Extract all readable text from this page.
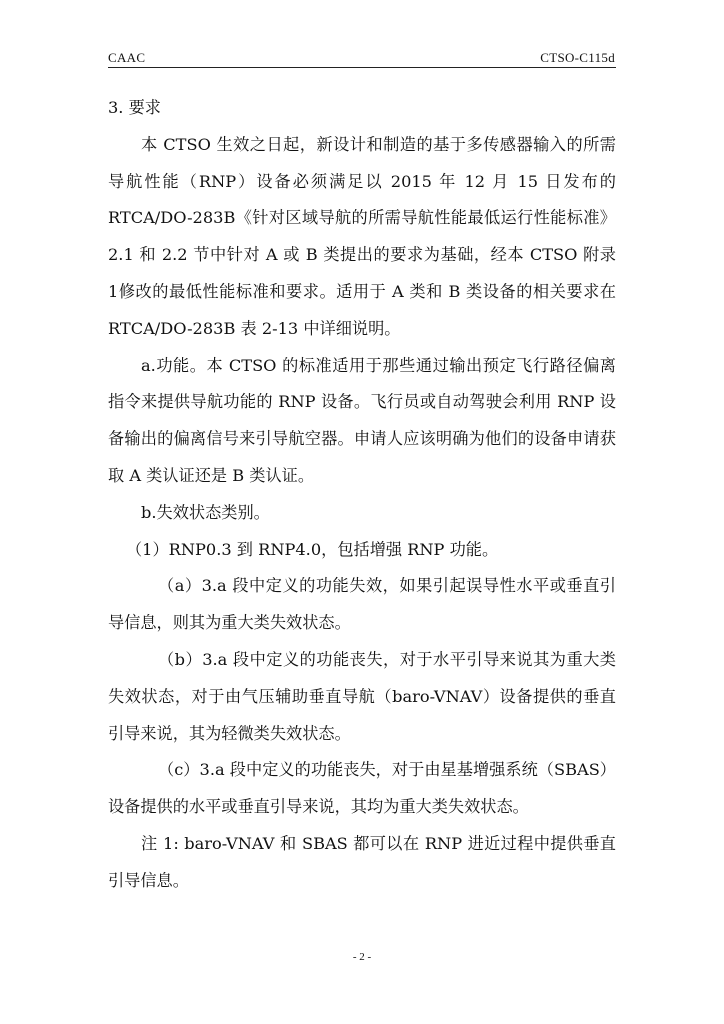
CAAC	CTSO-C115d

3. 要求

本 CTSO 生效之日起，新设计和制造的基于多传感器输入的所需导航性能（RNP）设备必须满足以 2015 年 12 月 15 日发布的RTCA/DO-283B《针对区域导航的所需导航性能最低运行性能标准》2.1 和 2.2 节中针对 A 或 B 类提出的要求为基础，经本 CTSO 附录 1修改的最低性能标准和要求。适用于 A 类和 B 类设备的相关要求在RTCA/DO-283B 表 2-13 中详细说明。

a.功能。本 CTSO 的标准适用于那些通过输出预定飞行路径偏离指令来提供导航功能的 RNP 设备。飞行员或自动驾驶会利用 RNP 设备输出的偏离信号来引导航空器。申请人应该明确为他们的设备申请获取 A 类认证还是 B 类认证。

b.失效状态类别。

（1）RNP0.3 到 RNP4.0，包括增强 RNP 功能。

（a）3.a 段中定义的功能失效，如果引起误导性水平或垂直引导信息，则其为重大类失效状态。

（b）3.a 段中定义的功能丧失，对于水平引导来说其为重大类失效状态，对于由气压辅助垂直导航（baro-VNAV）设备提供的垂直引导来说，其为轻微类失效状态。

（c）3.a 段中定义的功能丧失，对于由星基增强系统（SBAS）设备提供的水平或垂直引导来说，其均为重大类失效状态。

注 1: baro-VNAV 和 SBAS 都可以在 RNP 进近过程中提供垂直引导信息。

- 2 -
